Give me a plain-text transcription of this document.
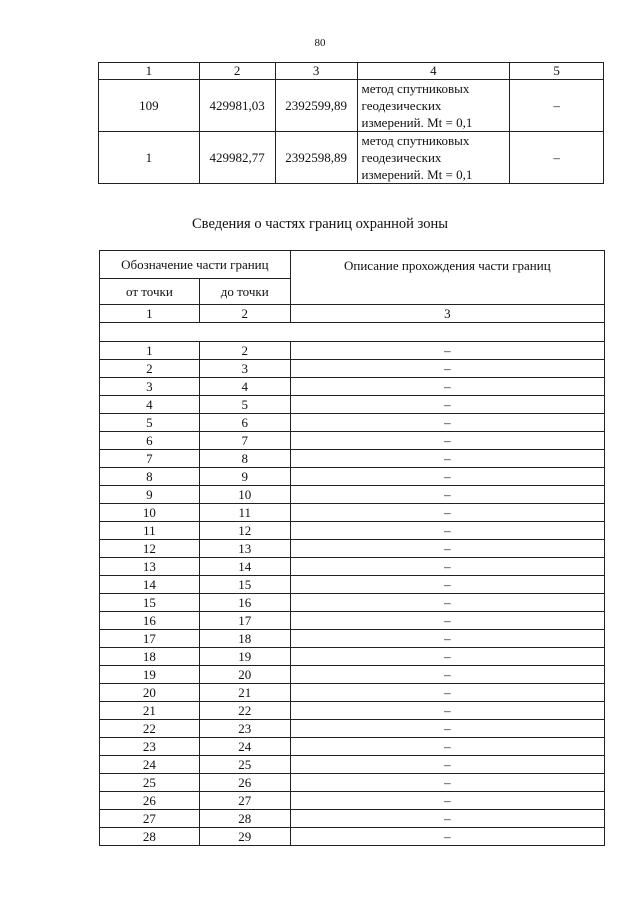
80
1	2	3	4	5
109	429981,03	2392599,89	метод спутниковых
геодезических
измерений. Mt = 0,1	–
1	429982,77	2392598,89	метод спутниковых
геодезических
измерений. Mt = 0,1	–
Сведения о частях границ охранной зоны
Обозначение части границ		Описание прохождения части границ
от точки	до точки	
1	2	3

1	2	–
2	3	–
3	4	–
4	5	–
5	6	–
6	7	–
7	8	–
8	9	–
9	10	–
10	11	–
11	12	–
12	13	–
13	14	–
14	15	–
15	16	–
16	17	–
17	18	–
18	19	–
19	20	–
20	21	–
21	22	–
22	23	–
23	24	–
24	25	–
25	26	–
26	27	–
27	28	–
28	29	–
